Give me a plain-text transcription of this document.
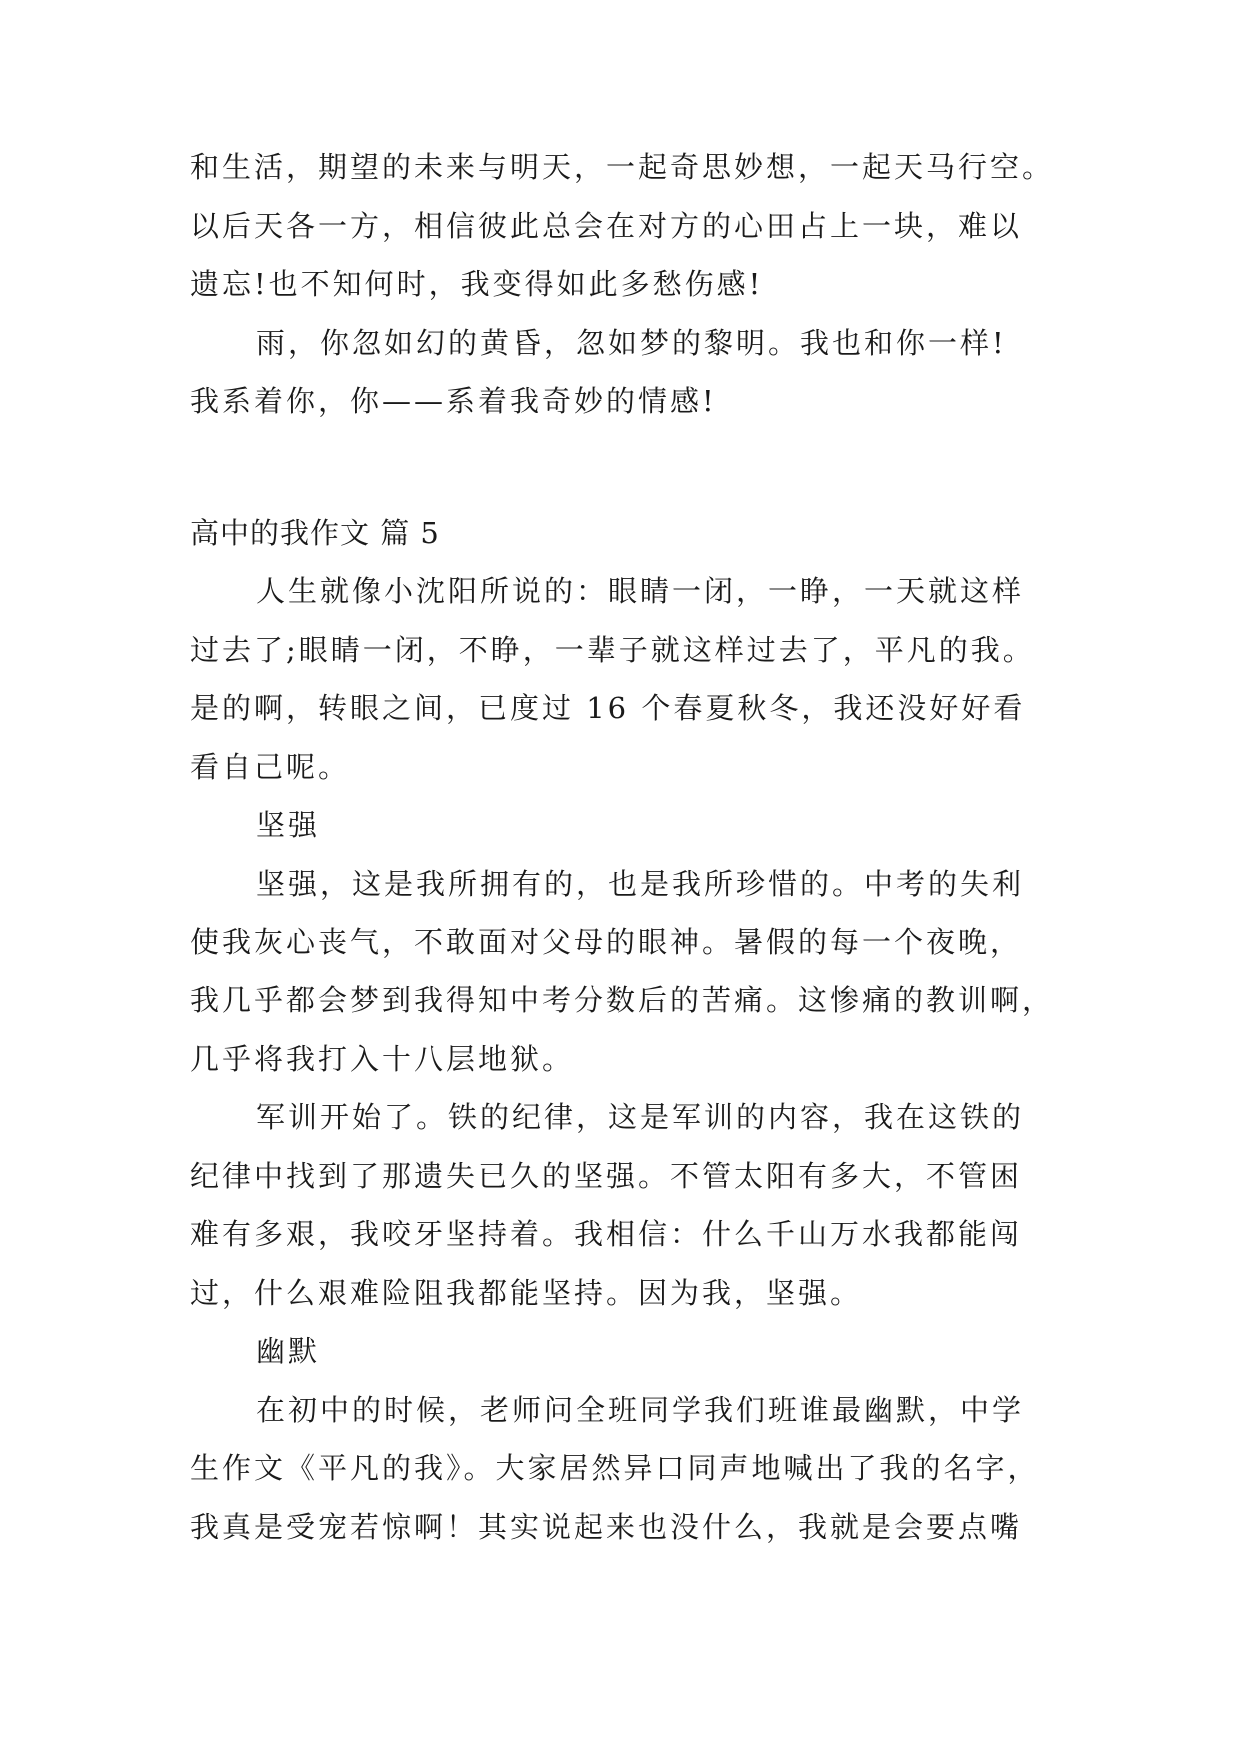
和生活，期望的未来与明天，一起奇思妙想，一起天马行空。
以后天各一方，相信彼此总会在对方的心田占上一块，难以
遗忘!也不知何时，我变得如此多愁伤感!
雨，你忽如幻的黄昏，忽如梦的黎明。我也和你一样!
我系着你，你——系着我奇妙的情感!
高中的我作文 篇 5
人生就像小沈阳所说的：眼睛一闭，一睁，一天就这样
过去了;眼睛一闭，不睁，一辈子就这样过去了，平凡的我。
是的啊，转眼之间，已度过 16 个春夏秋冬，我还没好好看
看自己呢。
坚强
坚强，这是我所拥有的，也是我所珍惜的。中考的失利
使我灰心丧气，不敢面对父母的眼神。暑假的每一个夜晚，
我几乎都会梦到我得知中考分数后的苦痛。这惨痛的教训啊，
几乎将我打入十八层地狱。
军训开始了。铁的纪律，这是军训的内容，我在这铁的
纪律中找到了那遗失已久的坚强。不管太阳有多大，不管困
难有多艰，我咬牙坚持着。我相信：什么千山万水我都能闯
过，什么艰难险阻我都能坚持。因为我，坚强。
幽默
在初中的时候，老师问全班同学我们班谁最幽默，中学
生作文《平凡的我》。大家居然异口同声地喊出了我的名字，
我真是受宠若惊啊！其实说起来也没什么，我就是会要点嘴
